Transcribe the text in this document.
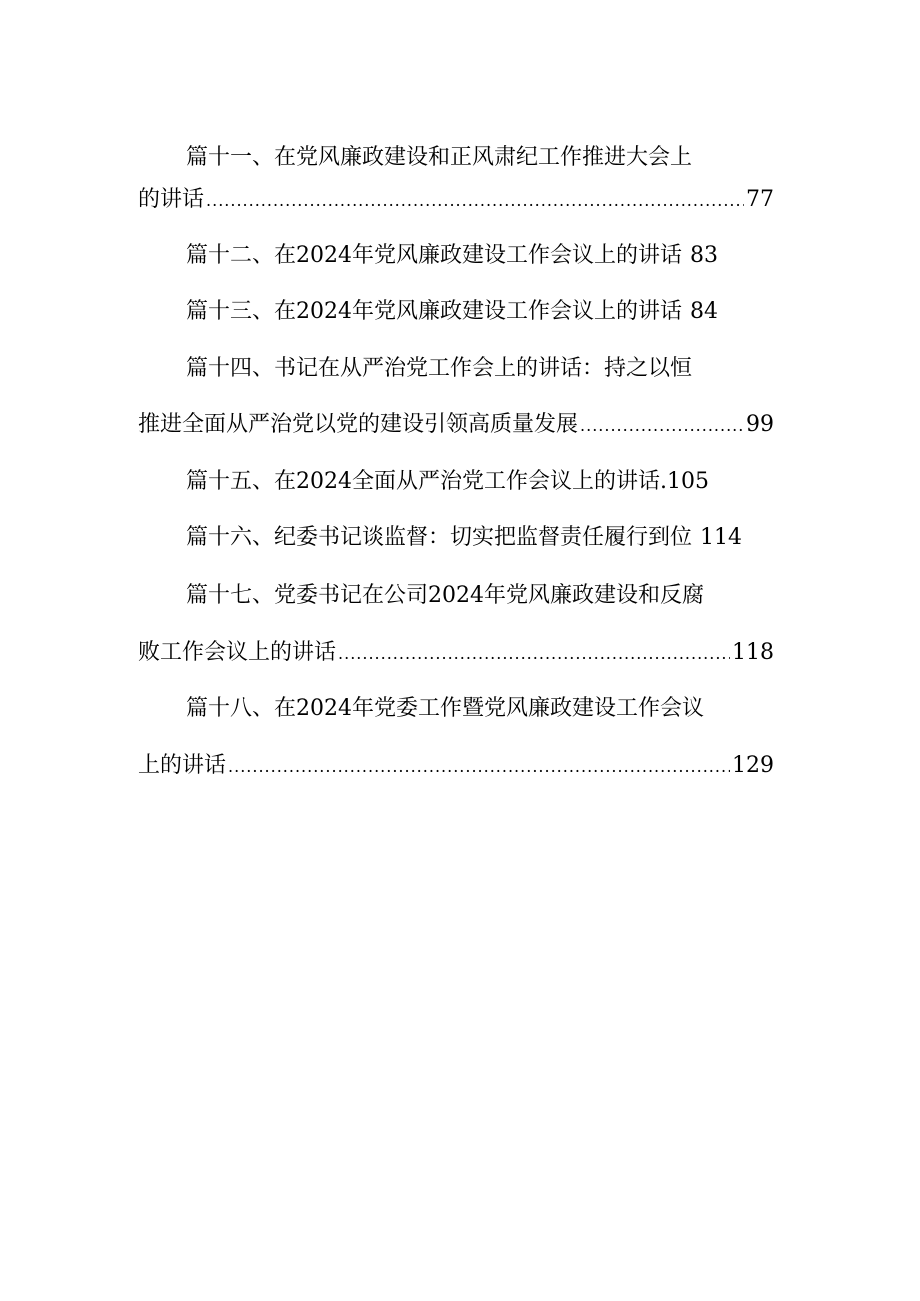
篇十一、在党风廉政建设和正风肃纪工作推进大会上
的讲话 .....	77
篇十二、在2024年党风廉政建设工作会议上的讲话 83
篇十三、在2024年党风廉政建设工作会议上的讲话 84
篇十四、书记在从严治党工作会上的讲话：持之以恒
推进全面从严治党以党的建设引领高质量发展 .....	99
篇十五、在2024全面从严治党工作会议上的讲话. 105
篇十六、纪委书记谈监督：切实把监督责任履行到位 114
篇十七、党委书记在公司2024年党风廉政建设和反腐
败工作会议上的讲话 .....	118
篇十八、在2024年党委工作暨党风廉政建设工作会议
上的讲话 .....	129
